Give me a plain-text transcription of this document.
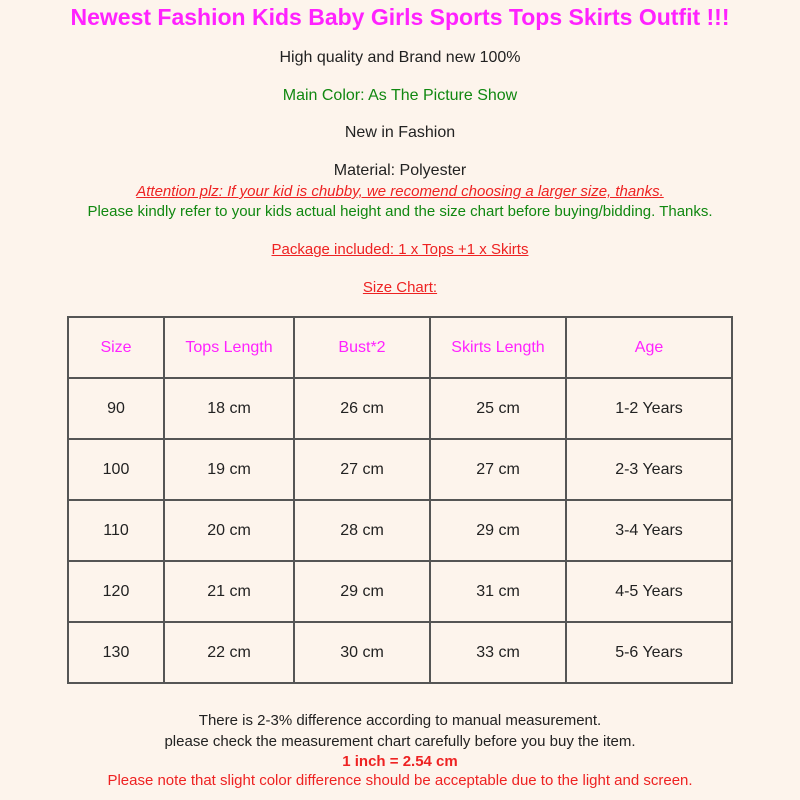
Newest Fashion Kids Baby Girls Sports Tops Skirts Outfit !!!
High quality and Brand new 100%
Main Color: As The Picture Show
New in Fashion
Material: Polyester
Attention plz: If your kid is chubby, we recomend choosing a larger size, thanks.
Please kindly refer to your kids actual height and the size chart before buying/bidding. Thanks.
Package included: 1 x Tops +1 x Skirts
Size Chart:
Size	Tops Length	Bust*2	Skirts Length	Age
90	18 cm	26 cm	25 cm	1-2 Years
100	19 cm	27 cm	27 cm	2-3 Years
110	20 cm	28 cm	29 cm	3-4 Years
120	21 cm	29 cm	31 cm	4-5 Years
130	22 cm	30 cm	33 cm	5-6 Years
There is 2-3% difference according to manual measurement.
please check the measurement chart carefully before you buy the item.
1 inch = 2.54 cm
Please note that slight color difference should be acceptable due to the light and screen.
